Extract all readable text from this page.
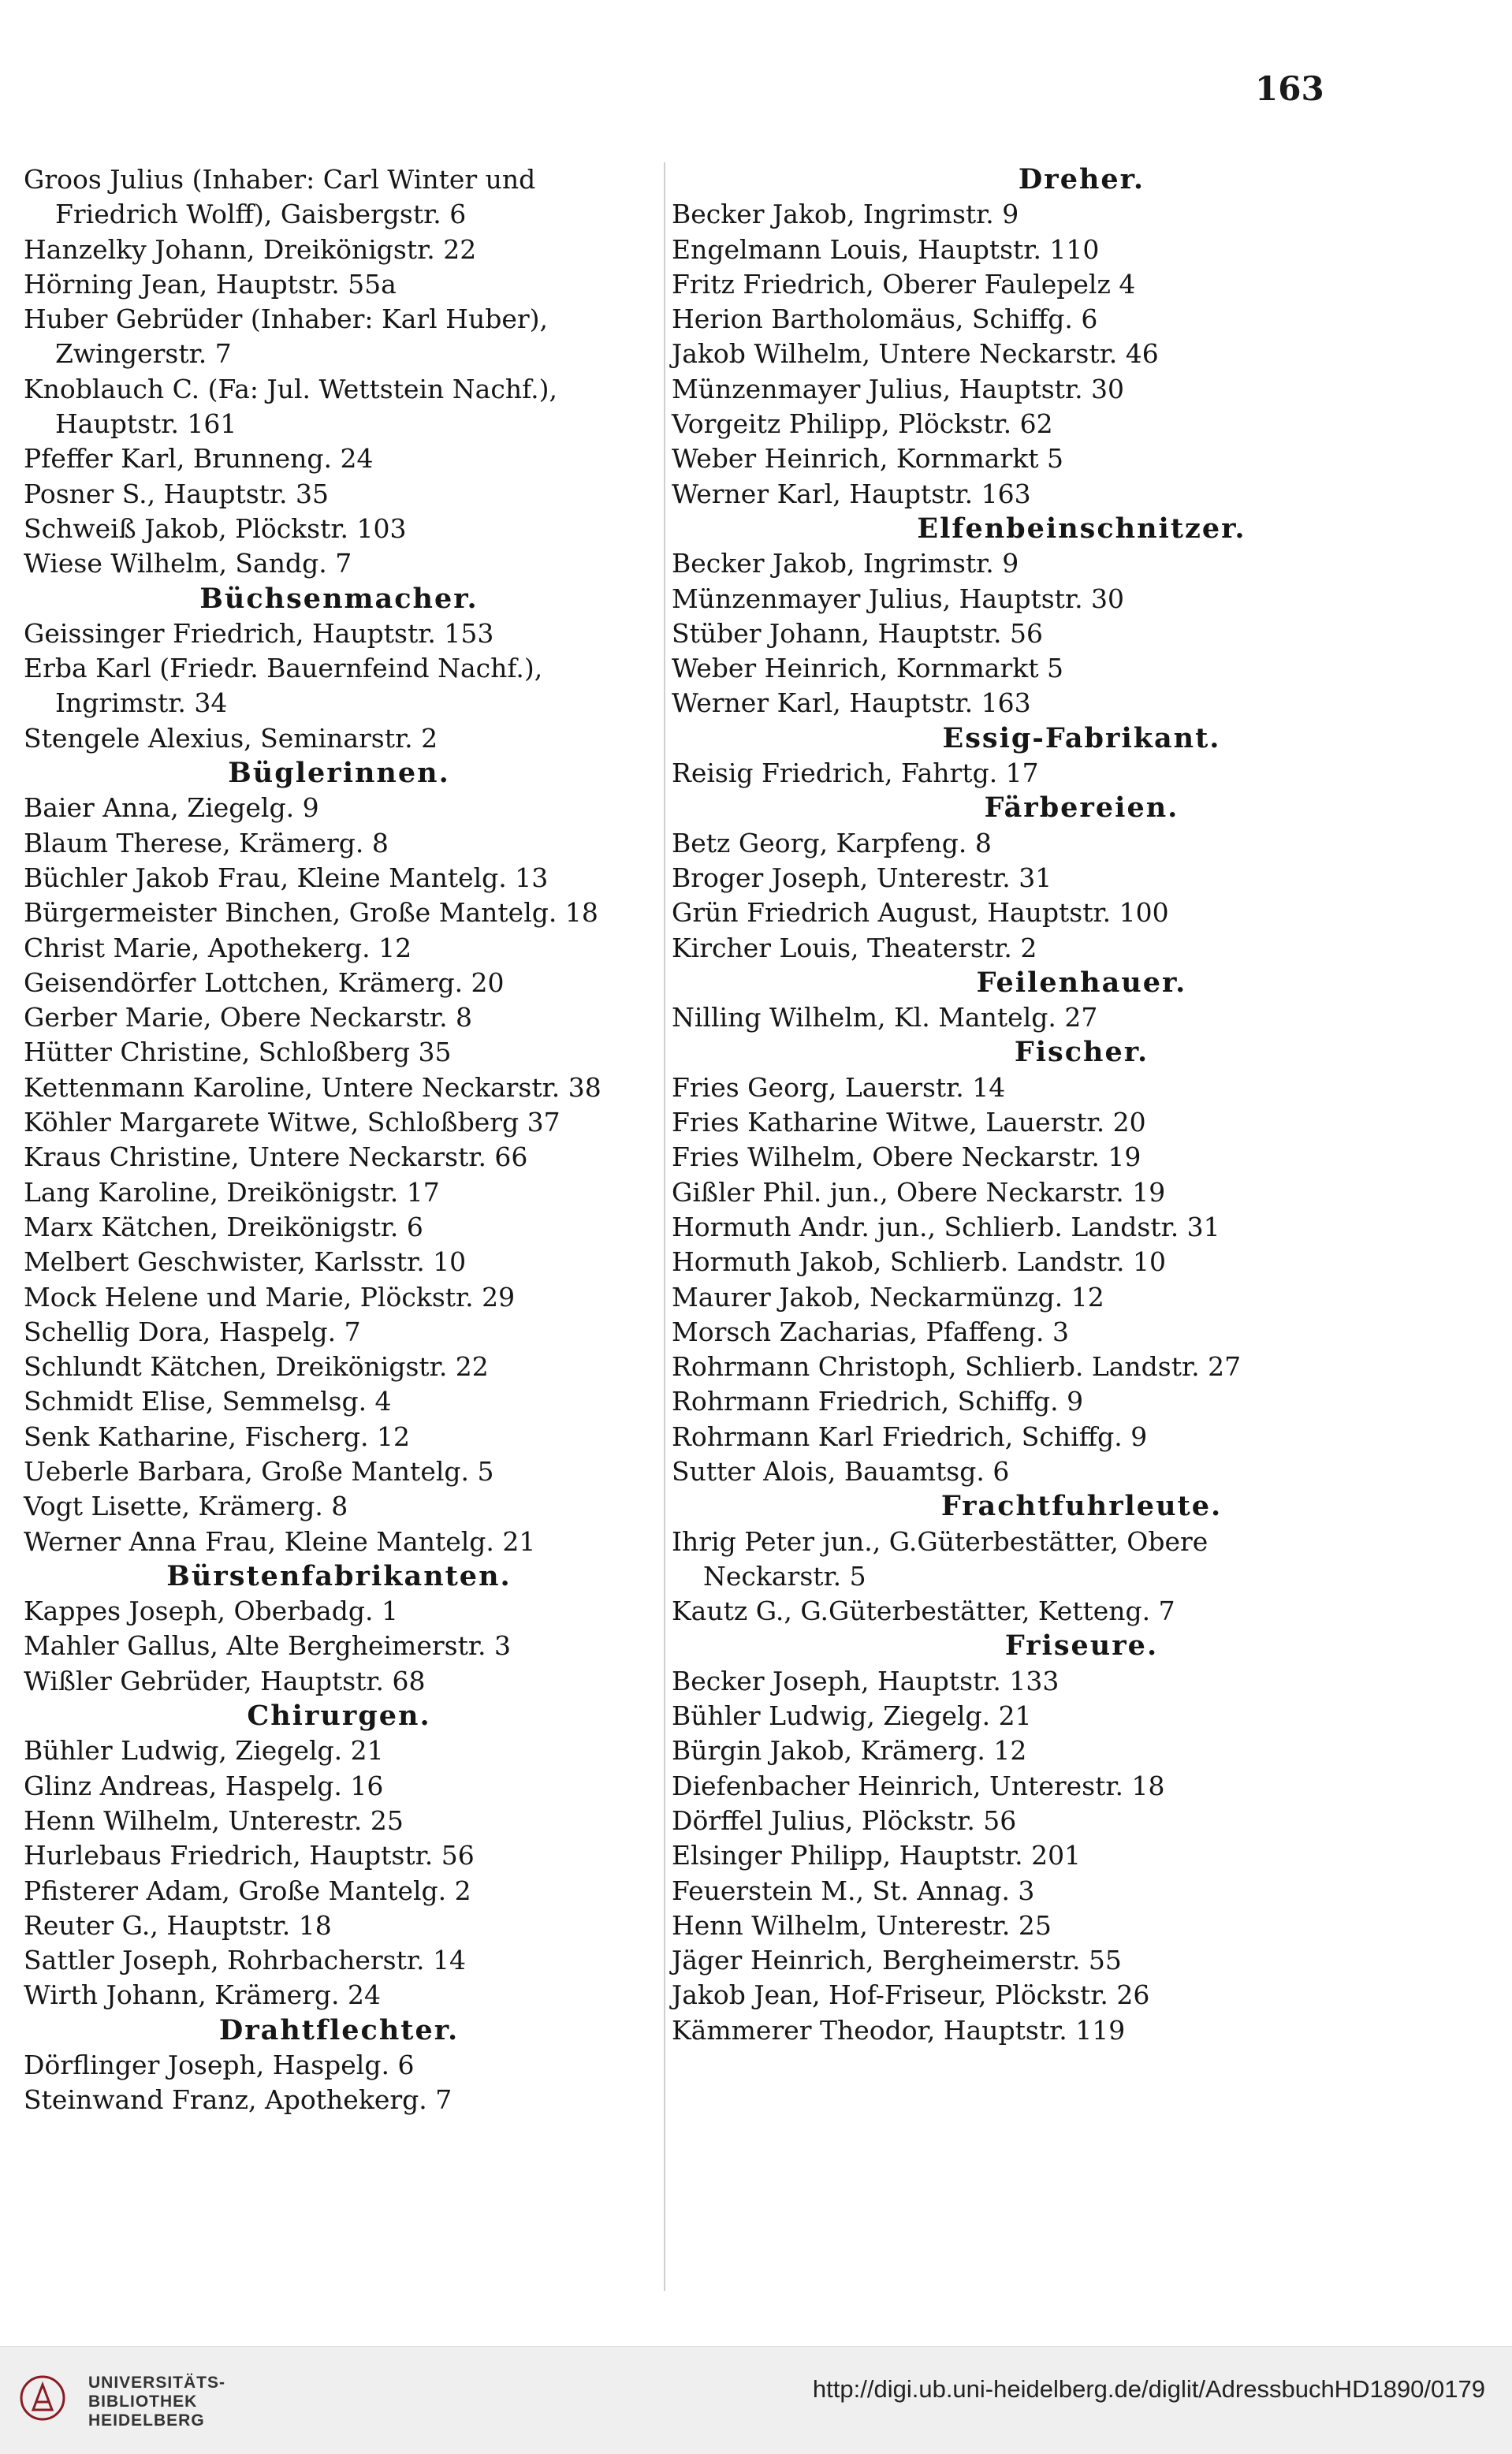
163
Groos Julius (Inhaber: Carl Winter und
Friedrich Wolff), Gaisbergstr. 6
Hanzelky Johann, Dreikönigstr. 22
Hörning Jean, Hauptstr. 55a
Huber Gebrüder (Inhaber: Karl Huber),
Zwingerstr. 7
Knoblauch C. (Fa: Jul. Wettstein Nachf.),
Hauptstr. 161
Pfeffer Karl, Brunneng. 24
Posner S., Hauptstr. 35
Schweiß Jakob, Plöckstr. 103
Wiese Wilhelm, Sandg. 7
Büchsenmacher.
Geissinger Friedrich, Hauptstr. 153
Erba Karl (Friedr. Bauernfeind Nachf.),
Ingrimstr. 34
Stengele Alexius, Seminarstr. 2
Büglerinnen.
Baier Anna, Ziegelg. 9
Blaum Therese, Krämerg. 8
Büchler Jakob Frau, Kleine Mantelg. 13
Bürgermeister Binchen, Große Mantelg. 18
Christ Marie, Apothekerg. 12
Geisendörfer Lottchen, Krämerg. 20
Gerber Marie, Obere Neckarstr. 8
Hütter Christine, Schloßberg 35
Kettenmann Karoline, Untere Neckarstr. 38
Köhler Margarete Witwe, Schloßberg 37
Kraus Christine, Untere Neckarstr. 66
Lang Karoline, Dreikönigstr. 17
Marx Kätchen, Dreikönigstr. 6
Melbert Geschwister, Karlsstr. 10
Mock Helene und Marie, Plöckstr. 29
Schellig Dora, Haspelg. 7
Schlundt Kätchen, Dreikönigstr. 22
Schmidt Elise, Semmelsg. 4
Senk Katharine, Fischerg. 12
Ueberle Barbara, Große Mantelg. 5
Vogt Lisette, Krämerg. 8
Werner Anna Frau, Kleine Mantelg. 21
Bürstenfabrikanten.
Kappes Joseph, Oberbadg. 1
Mahler Gallus, Alte Bergheimerstr. 3
Wißler Gebrüder, Hauptstr. 68
Chirurgen.
Bühler Ludwig, Ziegelg. 21
Glinz Andreas, Haspelg. 16
Henn Wilhelm, Unterestr. 25
Hurlebaus Friedrich, Hauptstr. 56
Pfisterer Adam, Große Mantelg. 2
Reuter G., Hauptstr. 18
Sattler Joseph, Rohrbacherstr. 14
Wirth Johann, Krämerg. 24
Drahtflechter.
Dörflinger Joseph, Haspelg. 6
Steinwand Franz, Apothekerg. 7
Dreher.
Becker Jakob, Ingrimstr. 9
Engelmann Louis, Hauptstr. 110
Fritz Friedrich, Oberer Faulepelz 4
Herion Bartholomäus, Schiffg. 6
Jakob Wilhelm, Untere Neckarstr. 46
Münzenmayer Julius, Hauptstr. 30
Vorgeitz Philipp, Plöckstr. 62
Weber Heinrich, Kornmarkt 5
Werner Karl, Hauptstr. 163
Elfenbeinschnitzer.
Becker Jakob, Ingrimstr. 9
Münzenmayer Julius, Hauptstr. 30
Stüber Johann, Hauptstr. 56
Weber Heinrich, Kornmarkt 5
Werner Karl, Hauptstr. 163
Essig-Fabrikant.
Reisig Friedrich, Fahrtg. 17
Färbereien.
Betz Georg, Karpfeng. 8
Broger Joseph, Unterestr. 31
Grün Friedrich August, Hauptstr. 100
Kircher Louis, Theaterstr. 2
Feilenhauer.
Nilling Wilhelm, Kl. Mantelg. 27
Fischer.
Fries Georg, Lauerstr. 14
Fries Katharine Witwe, Lauerstr. 20
Fries Wilhelm, Obere Neckarstr. 19
Gißler Phil. jun., Obere Neckarstr. 19
Hormuth Andr. jun., Schlierb. Landstr. 31
Hormuth Jakob, Schlierb. Landstr. 10
Maurer Jakob, Neckarmünzg. 12
Morsch Zacharias, Pfaffeng. 3
Rohrmann Christoph, Schlierb. Landstr. 27
Rohrmann Friedrich, Schiffg. 9
Rohrmann Karl Friedrich, Schiffg. 9
Sutter Alois, Bauamtsg. 6
Frachtfuhrleute.
Ihrig Peter jun., G.Güterbestätter, Obere
Neckarstr. 5
Kautz G., G.Güterbestätter, Ketteng. 7
Friseure.
Becker Joseph, Hauptstr. 133
Bühler Ludwig, Ziegelg. 21
Bürgin Jakob, Krämerg. 12
Diefenbacher Heinrich, Unterestr. 18
Dörffel Julius, Plöckstr. 56
Elsinger Philipp, Hauptstr. 201
Feuerstein M., St. Annag. 3
Henn Wilhelm, Unterestr. 25
Jäger Heinrich, Bergheimerstr. 55
Jakob Jean, Hof-Friseur, Plöckstr. 26
Kämmerer Theodor, Hauptstr. 119
UNIVERSITÄTS-
BIBLIOTHEK
HEIDELBERG
http://digi.ub.uni-heidelberg.de/diglit/AdressbuchHD1890/0179
